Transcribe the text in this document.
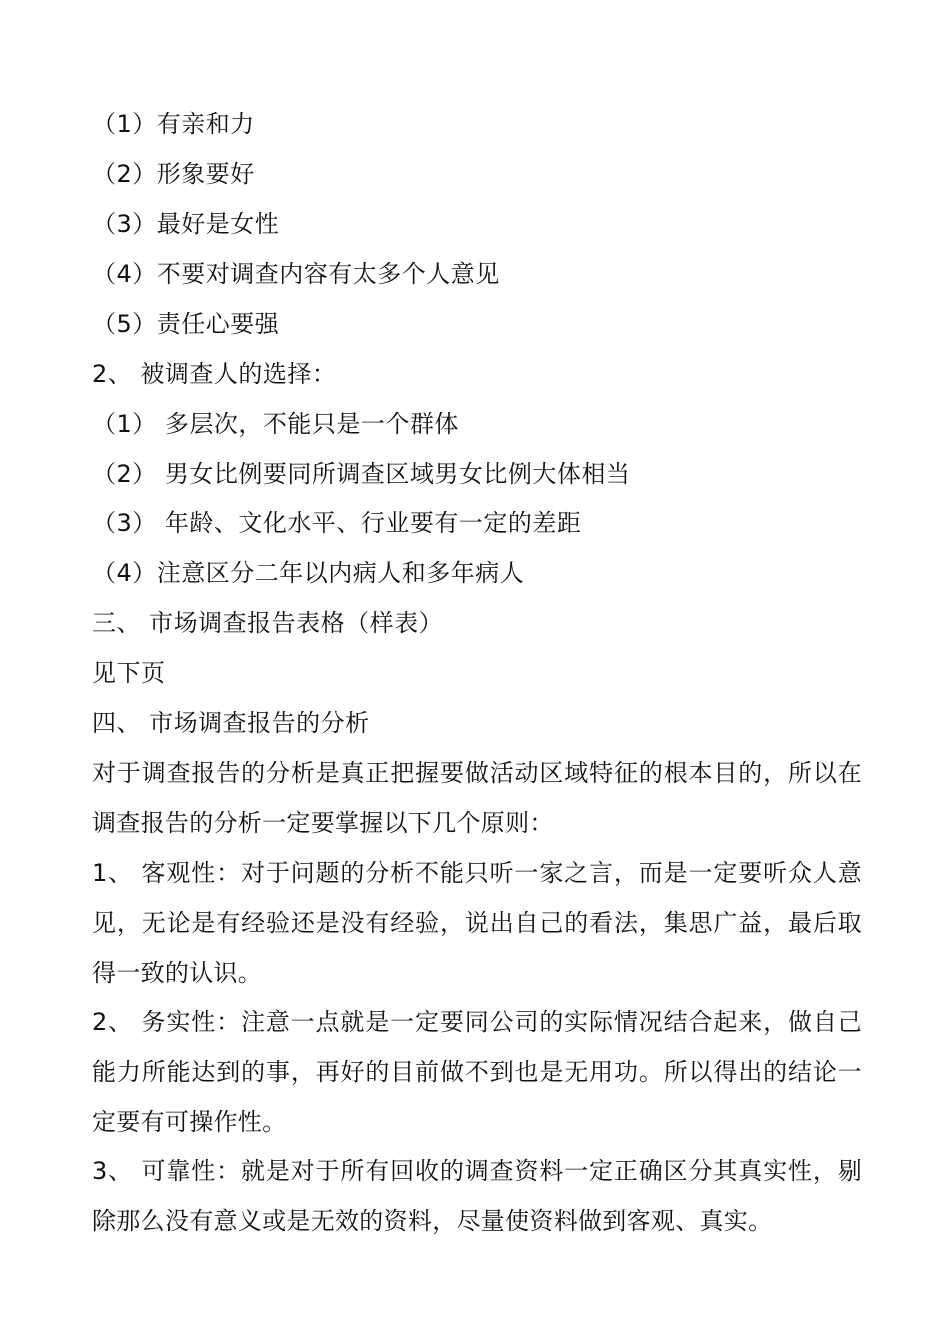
（1）有亲和力
（2）形象要好
（3）最好是女性
（4）不要对调查内容有太多个人意见
（5）责任心要强
2、 被调查人的选择：
（1） 多层次，不能只是一个群体
（2） 男女比例要同所调查区域男女比例大体相当
（3） 年龄、文化水平、行业要有一定的差距
（4）注意区分二年以内病人和多年病人
三、 市场调查报告表格（样表）
见下页
四、 市场调查报告的分析
对于调查报告的分析是真正把握要做活动区域特征的根本目的，所以在调查报告的分析一定要掌握以下几个原则：
1、 客观性：对于问题的分析不能只听一家之言，而是一定要听众人意见，无论是有经验还是没有经验，说出自己的看法，集思广益，最后取得一致的认识。
2、 务实性：注意一点就是一定要同公司的实际情况结合起来，做自己能力所能达到的事，再好的目前做不到也是无用功。所以得出的结论一定要有可操作性。
3、 可靠性：就是对于所有回收的调查资料一定正确区分其真实性，剔除那么没有意义或是无效的资料，尽量使资料做到客观、真实。
